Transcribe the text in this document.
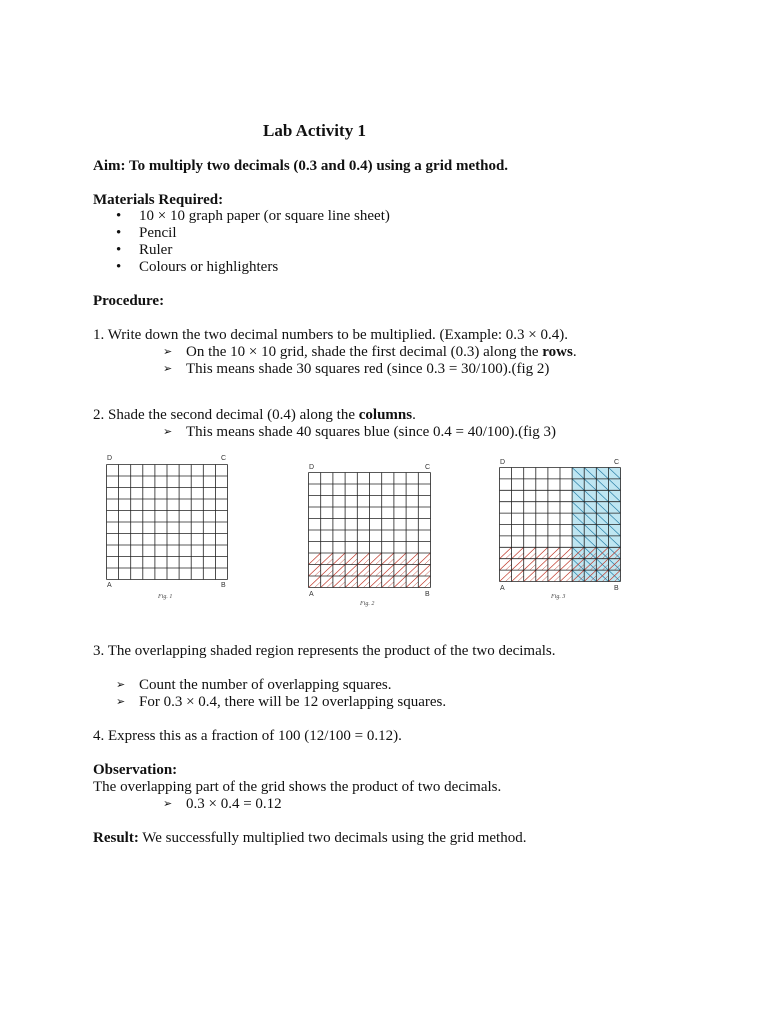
Lab Activity 1
Aim: To multiply two decimals (0.3 and 0.4) using a grid method.
Materials Required:
• 10 × 10 graph paper (or square line sheet)
• Pencil
• Ruler
• Colours or highlighters
Procedure:
1. Write down the two decimal numbers to be multiplied. (Example: 0.3 × 0.4).
➢ On the 10 × 10 grid, shade the first decimal (0.3) along the rows.
➢ This means shade 30 squares red (since 0.3 = 30/100).(fig 2)
2. Shade the second decimal (0.4) along the columns.
➢ This means shade 40 squares blue (since 0.4 = 40/100).(fig 3)
D	C
A	B
Fig. 1
D	C
A	B
Fig. 2
D	C
A	B
Fig. 3
3. The overlapping shaded region represents the product of the two decimals.
➢ Count the number of overlapping squares.
➢ For 0.3 × 0.4, there will be 12 overlapping squares.
4. Express this as a fraction of 100 (12/100 = 0.12).
Observation:
The overlapping part of the grid shows the product of two decimals.
➢ 0.3 × 0.4 = 0.12
Result: We successfully multiplied two decimals using the grid method.
